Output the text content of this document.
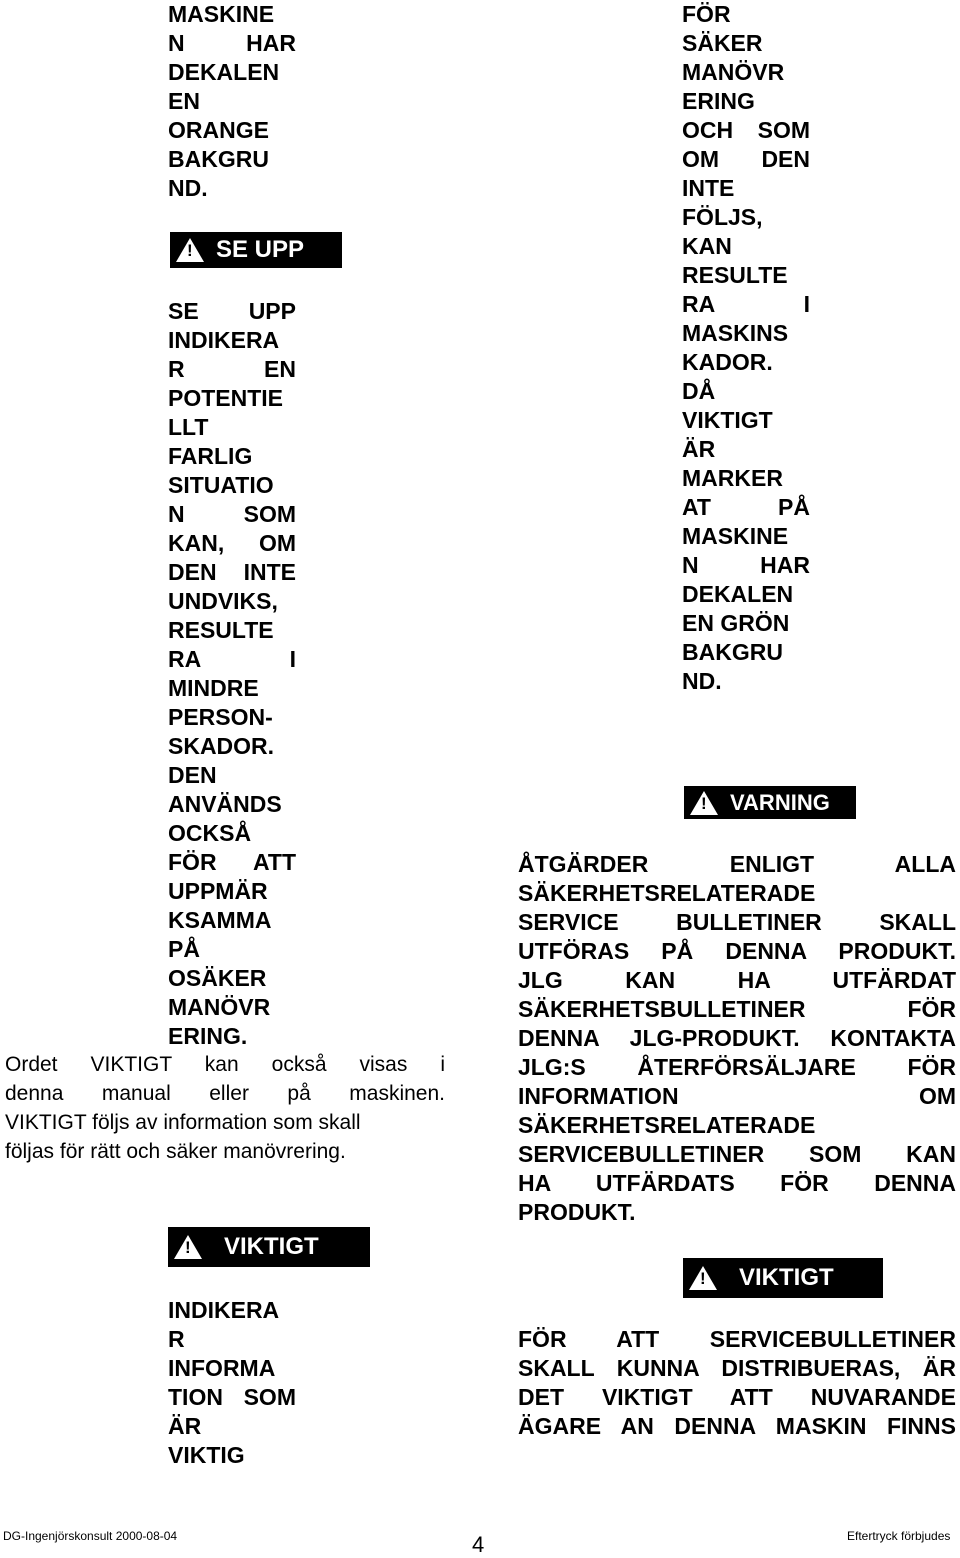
MASKINE
N HAR
DEKALEN
EN
ORANGE
BAKGRU
ND.
!
SE UPP
SE UPP
INDIKERA
R EN
POTENTIE
LLT
FARLIG
SITUATIO
N SOM
KAN, OM
DEN INTE
UNDVIKS,
RESULTE
RA I
MINDRE
PERSON-
SKADOR.
DEN
ANVÄNDS
OCKSÅ
FÖR ATT
UPPMÄR
KSAMMA
PÅ
OSÄKER
MANÖVR
ERING.
Ordet VIKTIGT kan också visas i
denna manual eller på maskinen.
VIKTIGT följs av information som skall
följas för rätt och säker manövrering.
!
VIKTIGT
INDIKERA
R
INFORMA
TION SOM
ÄR
VIKTIG
FÖR
SÄKER
MANÖVR
ERING
OCH SOM
OM DEN
INTE
FÖLJS,
KAN
RESULTE
RA I
MASKINS
KADOR.
DÅ
VIKTIGT
ÄR
MARKER
AT PÅ
MASKINE
N HAR
DEKALEN
EN GRÖN
BAKGRU
ND.
!
VARNING
ÅTGÄRDER ENLIGT ALLA
SÄKERHETSRELATERADE
SERVICE BULLETINER SKALL
UTFÖRAS PÅ DENNA PRODUKT.
JLG KAN HA UTFÄRDAT
SÄKERHETSBULLETINER FÖR
DENNA JLG-PRODUKT. KONTAKTA
JLG:S ÅTERFÖRSÄLJARE FÖR
INFORMATION OM
SÄKERHETSRELATERADE
SERVICEBULLETINER SOM KAN
HA UTFÄRDATS FÖR DENNA
PRODUKT.
!
VIKTIGT
FÖR ATT SERVICEBULLETINER
SKALL KUNNA DISTRIBUERAS, ÄR
DET VIKTIGT ATT NUVARANDE
ÄGARE AN DENNA MASKIN FINNS
DG-Ingenjörskonsult 2000-08-04	4	Eftertryck förbjudes
